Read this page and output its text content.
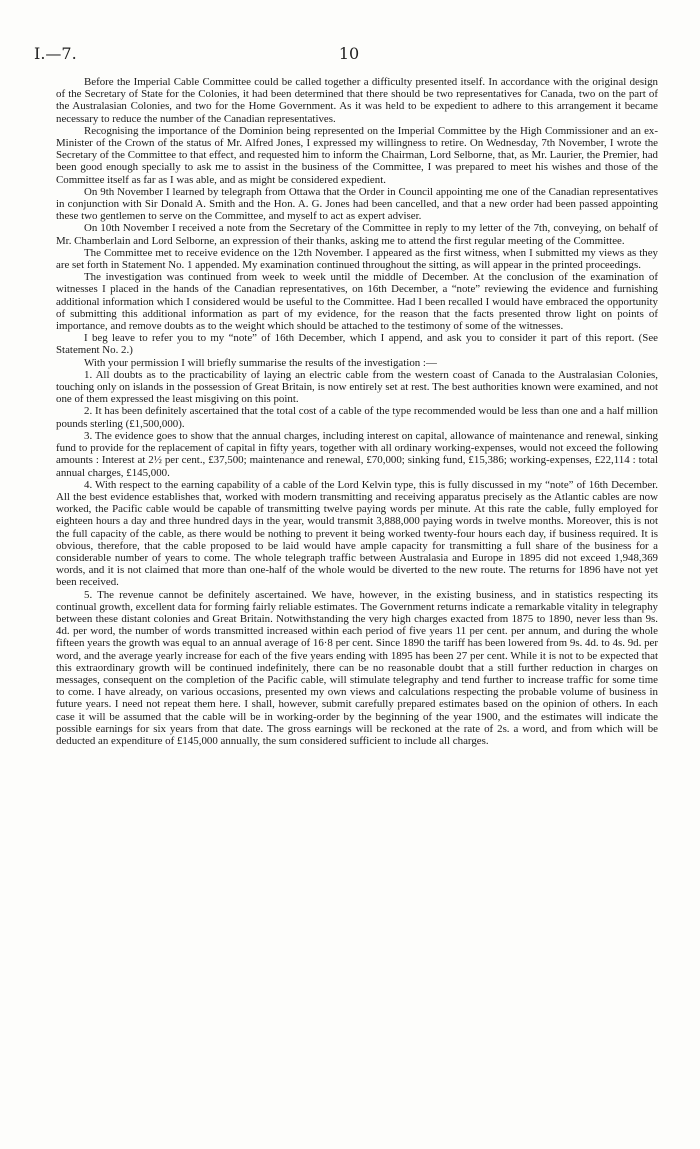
I.—7.	10

Before the Imperial Cable Committee could be called together a difficulty presented itself. In accordance with the original design of the Secretary of State for the Colonies, it had been determined that there should be two representatives for Canada, two on the part of the Australasian Colonies, and two for the Home Government. As it was held to be expedient to adhere to this arrangement it became necessary to reduce the number of the Canadian representatives.

Recognising the importance of the Dominion being represented on the Imperial Committee by the High Commissioner and an ex-Minister of the Crown of the status of Mr. Alfred Jones, I expressed my willingness to retire. On Wednesday, 7th November, I wrote the Secretary of the Committee to that effect, and requested him to inform the Chairman, Lord Selborne, that, as Mr. Laurier, the Premier, had been good enough specially to ask me to assist in the business of the Committee, I was prepared to meet his wishes and those of the Committee itself as far as I was able, and as might be considered expedient.

On 9th November I learned by telegraph from Ottawa that the Order in Council appointing me one of the Canadian representatives in conjunction with Sir Donald A. Smith and the Hon. A. G. Jones had been cancelled, and that a new order had been passed appointing these two gentlemen to serve on the Committee, and myself to act as expert adviser.

On 10th November I received a note from the Secretary of the Committee in reply to my letter of the 7th, conveying, on behalf of Mr. Chamberlain and Lord Selborne, an expression of their thanks, asking me to attend the first regular meeting of the Committee.

The Committee met to receive evidence on the 12th November. I appeared as the first witness, when I submitted my views as they are set forth in Statement No. 1 appended. My examination continued throughout the sitting, as will appear in the printed proceedings.

The investigation was continued from week to week until the middle of December. At the conclusion of the examination of witnesses I placed in the hands of the Canadian representatives, on 16th December, a “note” reviewing the evidence and furnishing additional information which I considered would be useful to the Committee. Had I been recalled I would have embraced the opportunity of submitting this additional information as part of my evidence, for the reason that the facts presented throw light on points of importance, and remove doubts as to the weight which should be attached to the testimony of some of the witnesses.

I beg leave to refer you to my “note” of 16th December, which I append, and ask you to consider it part of this report. (See Statement No. 2.)

With your permission I will briefly summarise the results of the investigation :—

1. All doubts as to the practicability of laying an electric cable from the western coast of Canada to the Australasian Colonies, touching only on islands in the possession of Great Britain, is now entirely set at rest. The best authorities known were examined, and not one of them expressed the least misgiving on this point.

2. It has been definitely ascertained that the total cost of a cable of the type recommended would be less than one and a half million pounds sterling (£1,500,000).

3. The evidence goes to show that the annual charges, including interest on capital, allowance of maintenance and renewal, sinking fund to provide for the replacement of capital in fifty years, together with all ordinary working-expenses, would not exceed the following amounts : Interest at 2½ per cent., £37,500; maintenance and renewal, £70,000; sinking fund, £15,386; working-expenses, £22,114 : total annual charges, £145,000.

4. With respect to the earning capability of a cable of the Lord Kelvin type, this is fully discussed in my “note” of 16th December. All the best evidence establishes that, worked with modern transmitting and receiving apparatus precisely as the Atlantic cables are now worked, the Pacific cable would be capable of transmitting twelve paying words per minute. At this rate the cable, fully employed for eighteen hours a day and three hundred days in the year, would transmit 3,888,000 paying words in twelve months. Moreover, this is not the full capacity of the cable, as there would be nothing to prevent it being worked twenty-four hours each day, if business required. It is obvious, therefore, that the cable proposed to be laid would have ample capacity for transmitting a full share of the business for a considerable number of years to come. The whole telegraph traffic between Australasia and Europe in 1895 did not exceed 1,948,369 words, and it is not claimed that more than one-half of the whole would be diverted to the new route. The returns for 1896 have not yet been received.

5. The revenue cannot be definitely ascertained. We have, however, in the existing business, and in statistics respecting its continual growth, excellent data for forming fairly reliable estimates. The Government returns indicate a remarkable vitality in telegraphy between these distant colonies and Great Britain. Notwithstanding the very high charges exacted from 1875 to 1890, never less than 9s. 4d. per word, the number of words transmitted increased within each period of five years 11 per cent. per annum, and during the whole fifteen years the growth was equal to an annual average of 16·8 per cent. Since 1890 the tariff has been lowered from 9s. 4d. to 4s. 9d. per word, and the average yearly increase for each of the five years ending with 1895 has been 27 per cent. While it is not to be expected that this extraordinary growth will be continued indefinitely, there can be no reasonable doubt that a still further reduction in charges on messages, consequent on the completion of the Pacific cable, will stimulate telegraphy and tend further to increase traffic for some time to come. I have already, on various occasions, presented my own views and calculations respecting the probable volume of business in future years. I need not repeat them here. I shall, however, submit carefully prepared estimates based on the opinion of others. In each case it will be assumed that the cable will be in working-order by the beginning of the year 1900, and the estimates will indicate the possible earnings for six years from that date. The gross earnings will be reckoned at the rate of 2s. a word, and from which will be deducted an expenditure of £145,000 annually, the sum considered sufficient to include all charges.
